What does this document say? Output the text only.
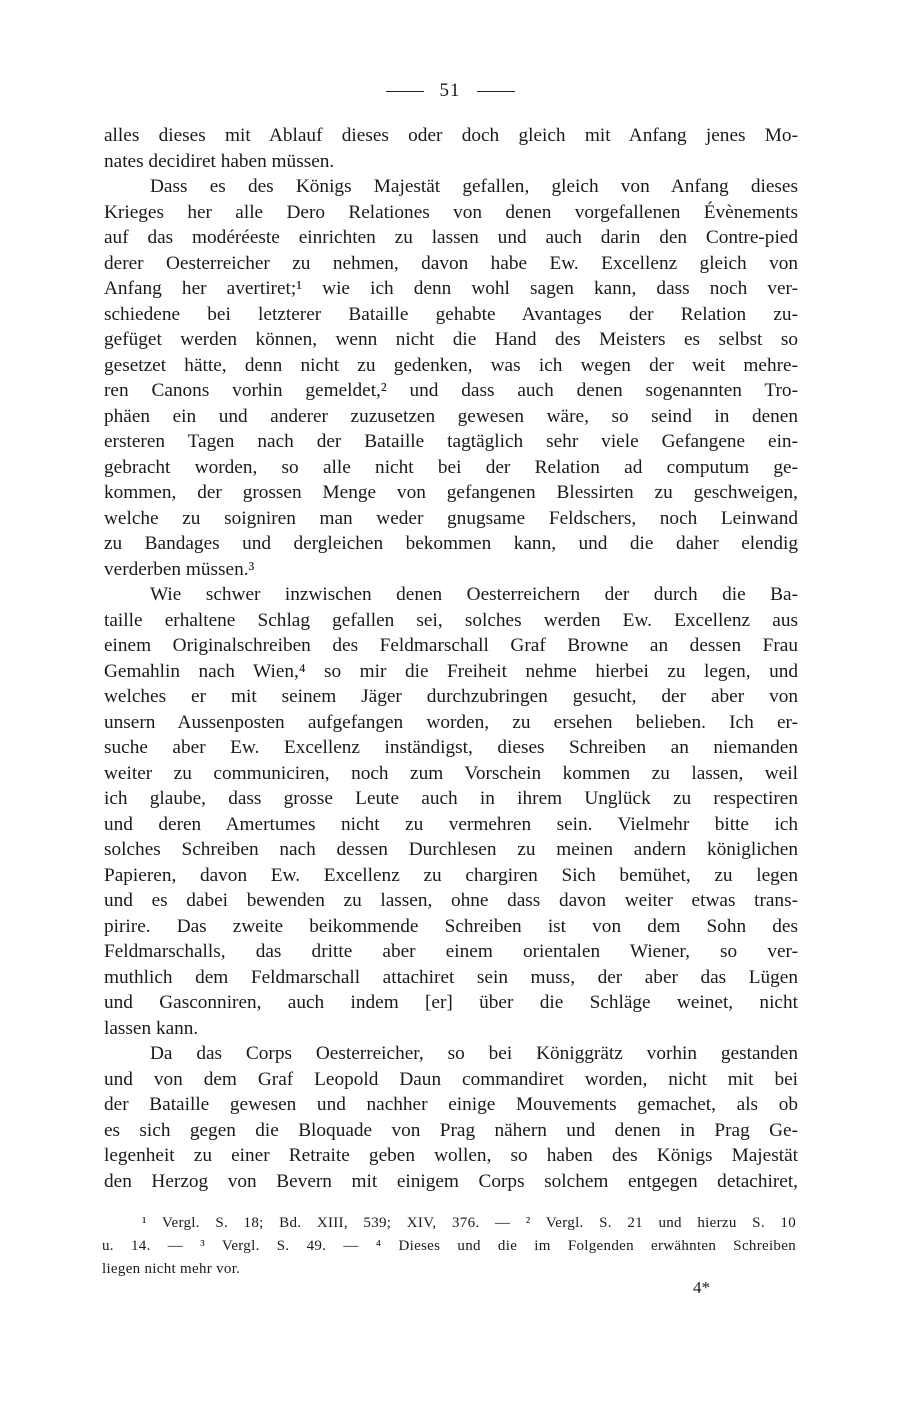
51
alles dieses mit Ablauf dieses oder doch gleich mit Anfang jenes Mo-
nates decidiret haben müssen.
Dass es des Königs Majestät gefallen, gleich von Anfang dieses
Krieges her alle Dero Relationes von denen vorgefallenen Évènements
auf das modéréeste einrichten zu lassen und auch darin den Contre-pied
derer Oesterreicher zu nehmen, davon habe Ew. Excellenz gleich von
Anfang her avertiret;¹ wie ich denn wohl sagen kann, dass noch ver-
schiedene bei letzterer Bataille gehabte Avantages der Relation zu-
gefüget werden können, wenn nicht die Hand des Meisters es selbst so
gesetzet hätte, denn nicht zu gedenken, was ich wegen der weit mehre-
ren Canons vorhin gemeldet,² und dass auch denen sogenannten Tro-
phäen ein und anderer zuzusetzen gewesen wäre, so seind in denen
ersteren Tagen nach der Bataille tagtäglich sehr viele Gefangene ein-
gebracht worden, so alle nicht bei der Relation ad computum ge-
kommen, der grossen Menge von gefangenen Blessirten zu geschweigen,
welche zu soigniren man weder gnugsame Feldschers, noch Leinwand
zu Bandages und dergleichen bekommen kann, und die daher elendig
verderben müssen.³
Wie schwer inzwischen denen Oesterreichern der durch die Ba-
taille erhaltene Schlag gefallen sei, solches werden Ew. Excellenz aus
einem Originalschreiben des Feldmarschall Graf Browne an dessen Frau
Gemahlin nach Wien,⁴ so mir die Freiheit nehme hierbei zu legen, und
welches er mit seinem Jäger durchzubringen gesucht, der aber von
unsern Aussenposten aufgefangen worden, zu ersehen belieben. Ich er-
suche aber Ew. Excellenz inständigst, dieses Schreiben an niemanden
weiter zu communiciren, noch zum Vorschein kommen zu lassen, weil
ich glaube, dass grosse Leute auch in ihrem Unglück zu respectiren
und deren Amertumes nicht zu vermehren sein. Vielmehr bitte ich
solches Schreiben nach dessen Durchlesen zu meinen andern königlichen
Papieren, davon Ew. Excellenz zu chargiren Sich bemühet, zu legen
und es dabei bewenden zu lassen, ohne dass davon weiter etwas trans-
pirire. Das zweite beikommende Schreiben ist von dem Sohn des
Feldmarschalls, das dritte aber einem orientalen Wiener, so ver-
muthlich dem Feldmarschall attachiret sein muss, der aber das Lügen
und Gasconniren, auch indem [er] über die Schläge weinet, nicht
lassen kann.
Da das Corps Oesterreicher, so bei Königgrätz vorhin gestanden
und von dem Graf Leopold Daun commandiret worden, nicht mit bei
der Bataille gewesen und nachher einige Mouvements gemachet, als ob
es sich gegen die Bloquade von Prag nähern und denen in Prag Ge-
legenheit zu einer Retraite geben wollen, so haben des Königs Majestät
den Herzog von Bevern mit einigem Corps solchem entgegen detachiret,
¹ Vergl. S. 18; Bd. XIII, 539; XIV, 376. — ² Vergl. S. 21 und hierzu S. 10
u. 14. — ³ Vergl. S. 49. — ⁴ Dieses und die im Folgenden erwähnten Schreiben
liegen nicht mehr vor.
4*
